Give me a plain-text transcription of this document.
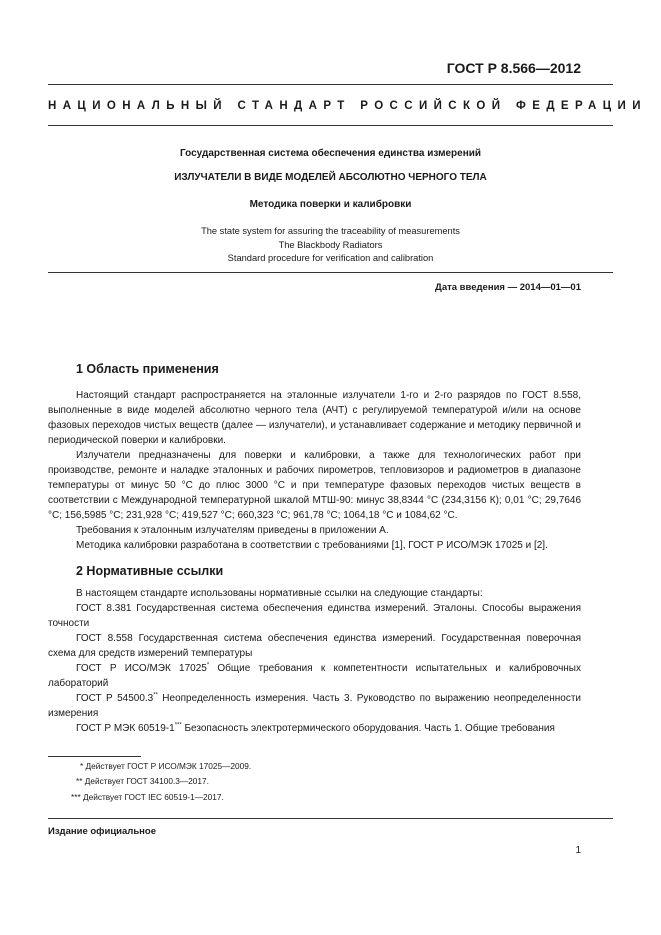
ГОСТ Р 8.566—2012
НАЦИОНАЛЬНЫЙ СТАНДАРТ РОССИЙСКОЙ ФЕДЕРАЦИИ
Государственная система обеспечения единства измерений
ИЗЛУЧАТЕЛИ В ВИДЕ МОДЕЛЕЙ АБСОЛЮТНО ЧЕРНОГО ТЕЛА
Методика поверки и калибровки
The state system for assuring the traceability of measurements
The Blackbody Radiators
Standard procedure for verification and calibration
Дата введения — 2014—01—01
1 Область применения

Настоящий стандарт распространяется на эталонные излучатели 1-го и 2-го разрядов по ГОСТ 8.558, выполненные в виде моделей абсолютно черного тела (АЧТ) с регулируемой температурой и/или на основе фазовых переходов чистых веществ (далее — излучатели), и устанавливает содержание и методику первичной и периодической поверки и калибровки.

Излучатели предназначены для поверки и калибровки, а также для технологических работ при производстве, ремонте и наладке эталонных и рабочих пирометров, тепловизоров и радиометров в диапазоне температуры от минус 50 °С до плюс 3000 °С и при температуре фазовых переходов чистых веществ в соответствии с Международной температурной шкалой МТШ-90: минус 38,8344 °С (234,3156 К); 0,01 °С; 29,7646 °С; 156,5985 °С; 231,928 °С; 419,527 °С; 660,323 °С; 961,78 °С; 1064,18 °С и 1084,62 °С.

Требования к эталонным излучателям приведены в приложении А.

Методика калибровки разработана в соответствии с требованиями [1], ГОСТ Р ИСО/МЭК 17025 и [2].

2 Нормативные ссылки

В настоящем стандарте использованы нормативные ссылки на следующие стандарты:

ГОСТ 8.381 Государственная система обеспечения единства измерений. Эталоны. Способы выражения точности

ГОСТ 8.558 Государственная система обеспечения единства измерений. Государственная поверочная схема для средств измерений температуры

ГОСТ Р ИСО/МЭК 17025* Общие требования к компетентности испытательных и калибровочных лабораторий

ГОСТ Р 54500.3** Неопределенность измерения. Часть 3. Руководство по выражению неопределенности измерения

ГОСТ Р МЭК 60519-1*** Безопасность электротермического оборудования. Часть 1. Общие требования

* Действует ГОСТ Р ИСО/МЭК 17025—2009.
** Действует ГОСТ 34100.3—2017.
*** Действует ГОСТ IEC 60519-1—2017.
Издание официальное
1
